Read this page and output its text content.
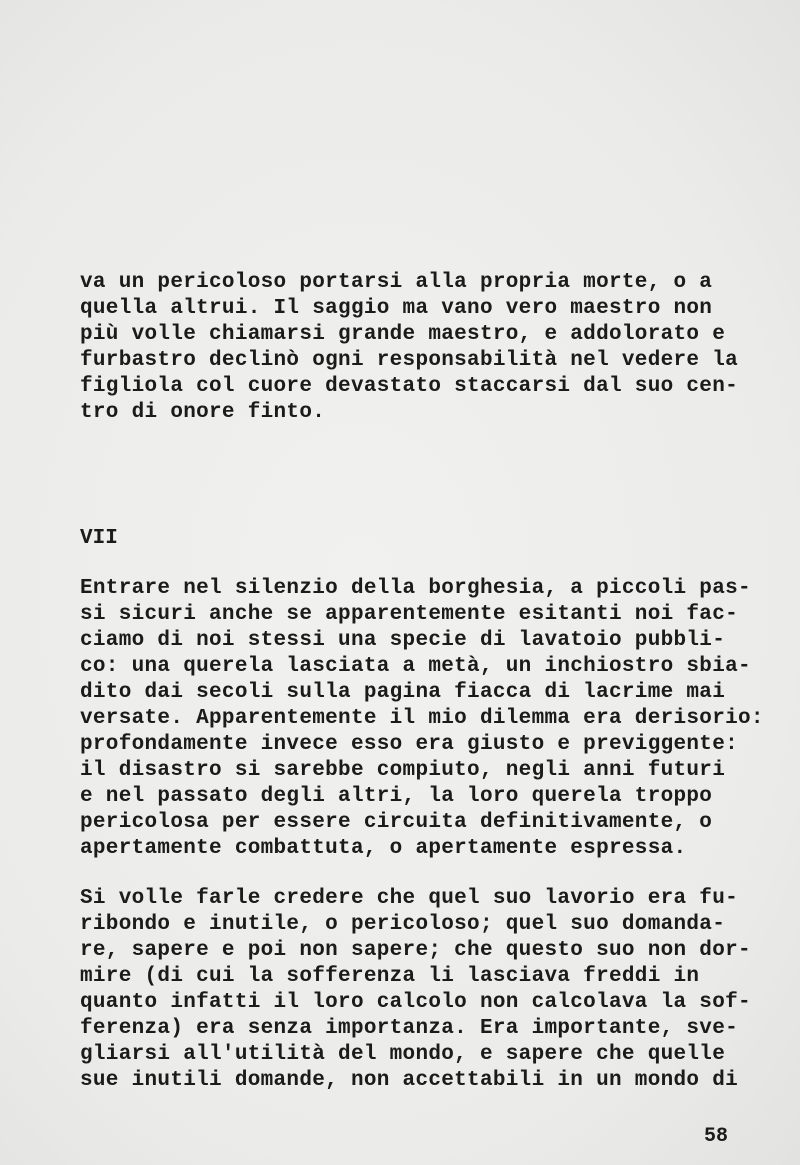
va un pericoloso portarsi alla propria morte, o a
quella altrui. Il saggio ma vano vero maestro non
più volle chiamarsi grande maestro, e addolorato e
furbastro declinò ogni responsabilità nel vedere la
figliola col cuore devastato staccarsi dal suo cen-
tro di onore finto.
VII
Entrare nel silenzio della borghesia, a piccoli pas-
si sicuri anche se apparentemente esitanti noi fac-
ciamo di noi stessi una specie di lavatoio pubbli-
co: una querela lasciata a metà, un inchiostro sbia-
dito dai secoli sulla pagina fiacca di lacrime mai
versate. Apparentemente il mio dilemma era derisorio:
profondamente invece esso era giusto e previggente:
il disastro si sarebbe compiuto, negli anni futuri
e nel passato degli altri, la loro querela troppo
pericolosa per essere circuita definitivamente, o
apertamente combattuta, o apertamente espressa.
Si volle farle credere che quel suo lavorio era fu-
ribondo e inutile, o pericoloso; quel suo domanda-
re, sapere e poi non sapere; che questo suo non dor-
mire (di cui la sofferenza li lasciava freddi in
quanto infatti il loro calcolo non calcolava la sof-
ferenza) era senza importanza. Era importante, sve-
gliarsi all'utilità del mondo, e sapere che quelle
sue inutili domande, non accettabili in un mondo di
58
